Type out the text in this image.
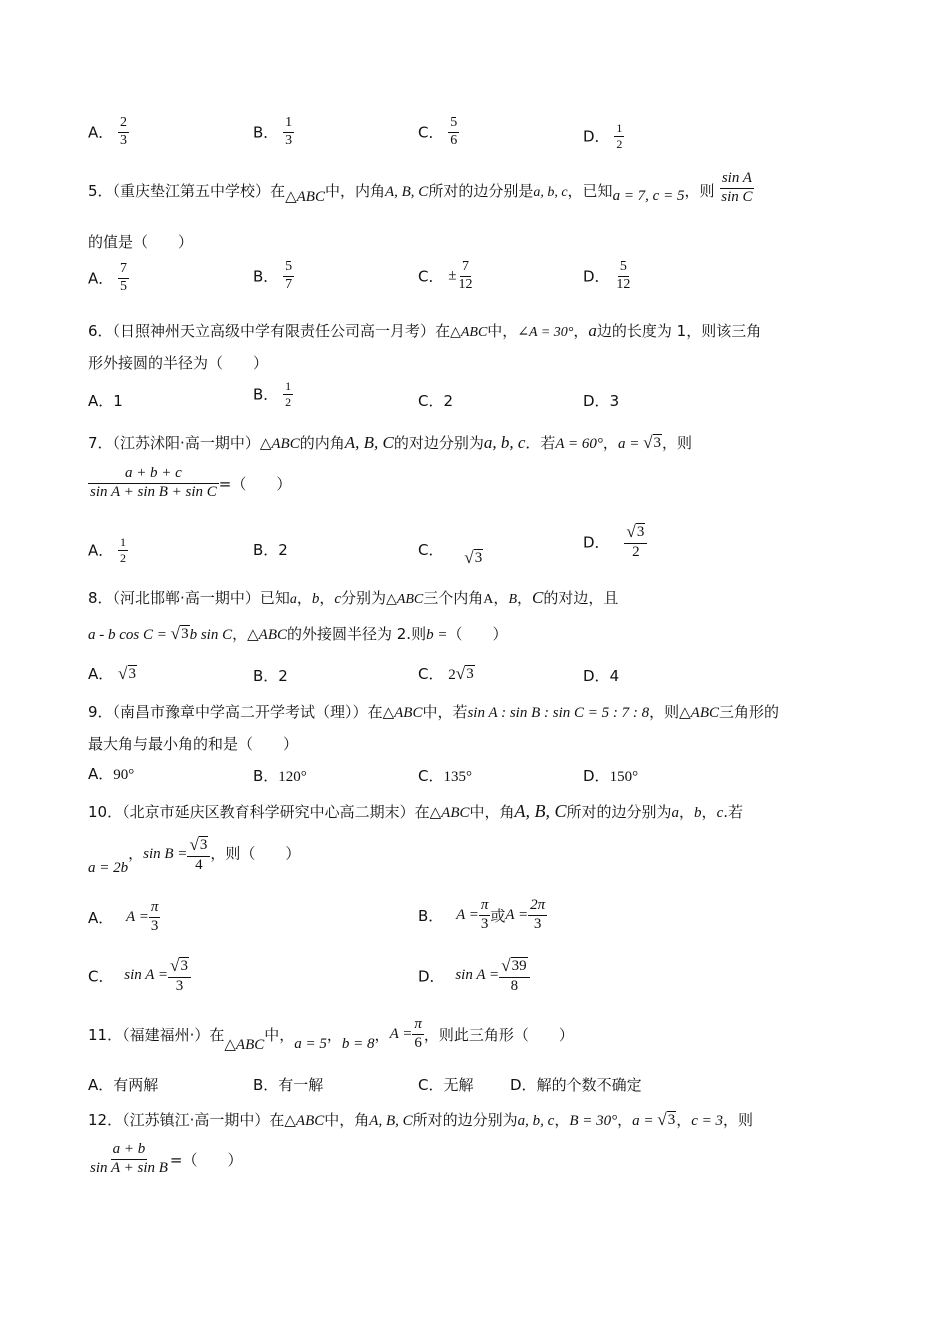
A． $\frac{2}{3}$	B． $\frac{1}{3}$	C． $\frac{5}{6}$	D． $\frac{1}{2}$
5．（重庆垫江第五中学校）在△ABC中，内角A, B, C所对的边分别是a, b, c，已知a = 7, c = 5，则 $\frac{\text{sin A}}{\text{sin C}}$
的值是（　　）
A． $\frac{7}{5}$	B． $\frac{5}{7}$	C． ± $\frac{7}{12}$	D． $\frac{5}{12}$
6．（日照神州天立高级中学有限责任公司高一月考）在△ABC中，∠A = 30°，a边的长度为 1，则该三角
形外接圆的半径为（　　）
A．1	B． $\frac{1}{2}$	C．2	D．3
7．（江苏沭阳·高一期中）△ABC的内角A, B, C的对边分别为a, b, c．若A = 60°，a = √ 3 ，则
$\frac{a + b + c}{\text{sin A + sin B + sin C}}$ =（　　）
A． $\frac{1}{2}$	B．2	C． √ 3
D． $\frac{√ 3}{2}$
8．（河北邯郸·高一期中）已知a，b，c分别为△ABC三个内角A，B，C的对边，且
a - b cos C = √ 3 b sin C，△ABC的外接圆半径为 2.则b =（　　）
A． √ 3	B．2	C． 2 √ 3	D．4
9．（南昌市豫章中学高二开学考试（理））在△ABC中，若sin A : sin B : sin C = 5 : 7 : 8，则△ABC三角形的
最大角与最小角的和是（　　）
A．90°	B．120°	C．135°	D．150°
10．（北京市延庆区教育科学研究中心高二期末）在△ABC中，角A, B, C所对的边分别为a，b，c.若
a = 2b，$\sin B = \frac{√ 3}{4}$ ，则（　　）
A． $A = \frac{\pi}{3}$	B． $A = \frac{\pi}{3}$ 或$A = \frac{2\pi}{3}$
C． $\sin A = \frac{√ 3}{3}$	D． $\sin A = \frac{√ 39}{8}$
11．（福建福州·）在△ABC中，a = 5，b = 8，$A = \frac{\pi}{6}$ ，则此三角形（　　）
A．有两解	B．有一解	C．无解 D．解的个数不确定
12．（江苏镇江·高一期中）在△ABC中，角A, B, C所对的边分别为a, b, c，B = 30°，a = √ 3 ，c = 3，则
$\frac{a + b}{\text{sin A + sin B}}$ =（　　）
